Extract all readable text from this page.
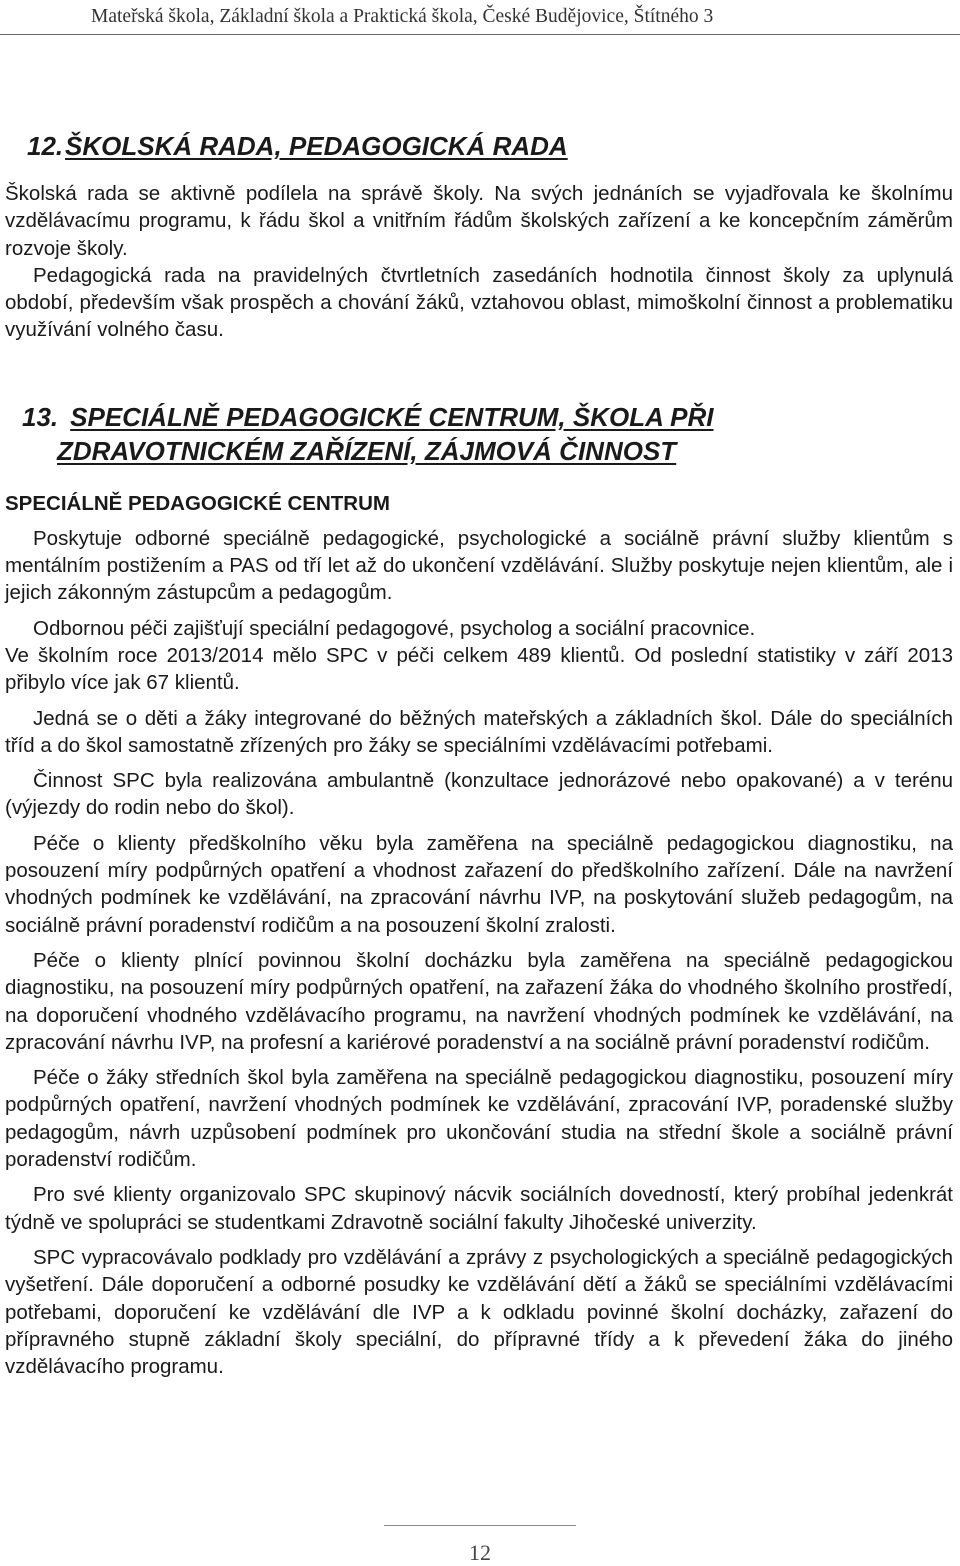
Mateřská škola, Základní škola a Praktická škola, České Budějovice, Štítného 3
12.ŠKOLSKÁ RADA, PEDAGOGICKÁ RADA

Školská rada se aktivně podílela na správě školy. Na svých jednáních se vyjadřovala ke školnímu vzdělávacímu programu, k řádu škol a vnitřním řádům školských zařízení a ke koncepčním záměrům rozvoje školy.

Pedagogická rada na pravidelných čtvrtletních zasedáních hodnotila činnost školy za uplynulá období, především však prospěch a chování žáků, vztahovou oblast, mimoškolní činnost a problematiku využívání volného času.

13. SPECIÁLNĚ PEDAGOGICKÉ CENTRUM, ŠKOLA PŘI
ZDRAVOTNICKÉM ZAŘÍZENÍ, ZÁJMOVÁ ČINNOST
SPECIÁLNĚ PEDAGOGICKÉ CENTRUM

Poskytuje odborné speciálně pedagogické, psychologické a sociálně právní služby klientům s mentálním postižením a PAS od tří let až do ukončení vzdělávání. Služby poskytuje nejen klientům, ale i jejich zákonným zástupcům a pedagogům.

Odbornou péči zajišťují speciální pedagogové, psycholog a sociální pracovnice.

Ve školním roce 2013/2014 mělo SPC v péči celkem 489 klientů. Od poslední statistiky v září 2013 přibylo více jak 67 klientů.

Jedná se o děti a žáky integrované do běžných mateřských a základních škol. Dále do speciálních tříd a do škol samostatně zřízených pro žáky se speciálními vzdělávacími potřebami.

Činnost SPC byla realizována ambulantně (konzultace jednorázové nebo opakované) a v terénu (výjezdy do rodin nebo do škol).

Péče o klienty předškolního věku byla zaměřena na speciálně pedagogickou diagnostiku, na posouzení míry podpůrných opatření a vhodnost zařazení do předškolního zařízení. Dále na navržení vhodných podmínek ke vzdělávání, na zpracování návrhu IVP, na poskytování služeb pedagogům, na sociálně právní poradenství rodičům a na posouzení školní zralosti.

Péče o klienty plnící povinnou školní docházku byla zaměřena na speciálně pedagogickou diagnostiku, na posouzení míry podpůrných opatření, na zařazení žáka do vhodného školního prostředí, na doporučení vhodného vzdělávacího programu, na navržení vhodných podmínek ke vzdělávání, na zpracování návrhu IVP, na profesní a kariérové poradenství a na sociálně právní poradenství rodičům.

Péče o žáky středních škol byla zaměřena na speciálně pedagogickou diagnostiku, posouzení míry podpůrných opatření, navržení vhodných podmínek ke vzdělávání, zpracování IVP, poradenské služby pedagogům, návrh uzpůsobení podmínek pro ukončování studia na střední škole a sociálně právní poradenství rodičům.

Pro své klienty organizovalo SPC skupinový nácvik sociálních dovedností, který probíhal jedenkrát týdně ve spolupráci se studentkami Zdravotně sociální fakulty Jihočeské univerzity.

SPC vypracovávalo podklady pro vzdělávání a zprávy z psychologických a speciálně pedagogických vyšetření. Dále doporučení a odborné posudky ke vzdělávání dětí a žáků se speciálními vzdělávacími potřebami, doporučení ke vzdělávání dle IVP a k odkladu povinné školní docházky, zařazení do přípravného stupně základní školy speciální, do přípravné třídy a k převedení žáka do jiného vzdělávacího programu.

12
